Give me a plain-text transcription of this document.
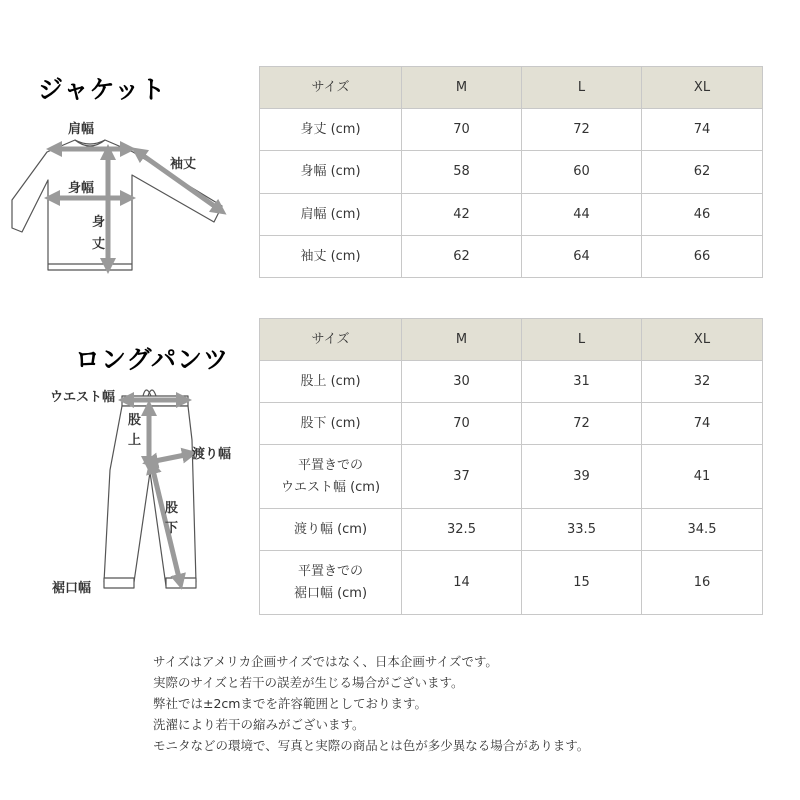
ジャケット
肩幅
袖丈
身幅
身
丈
サイズ	M	L	XL
身丈 (cm)	70	72	74
身幅 (cm)	58	60	62
肩幅 (cm)	42	44	46
袖丈 (cm)	62	64	66
ロングパンツ
ウエスト幅
股
上
渡り幅
股
下
裾口幅
サイズ	M	L	XL
股上 (cm)	30	31	32
股下 (cm)	70	72	74

平置きでの
ウエスト幅 (cm)	37	39	41
渡り幅 (cm)	32.5	33.5	34.5

平置きでの
裾口幅 (cm)	14	15	16
サイズはアメリカ企画サイズではなく、日本企画サイズです。
実際のサイズと若干の誤差が生じる場合がございます。
弊社では±2cmまでを許容範囲としております。
洗濯により若干の縮みがございます。
モニタなどの環境で、写真と実際の商品とは色が多少異なる場合があります。
